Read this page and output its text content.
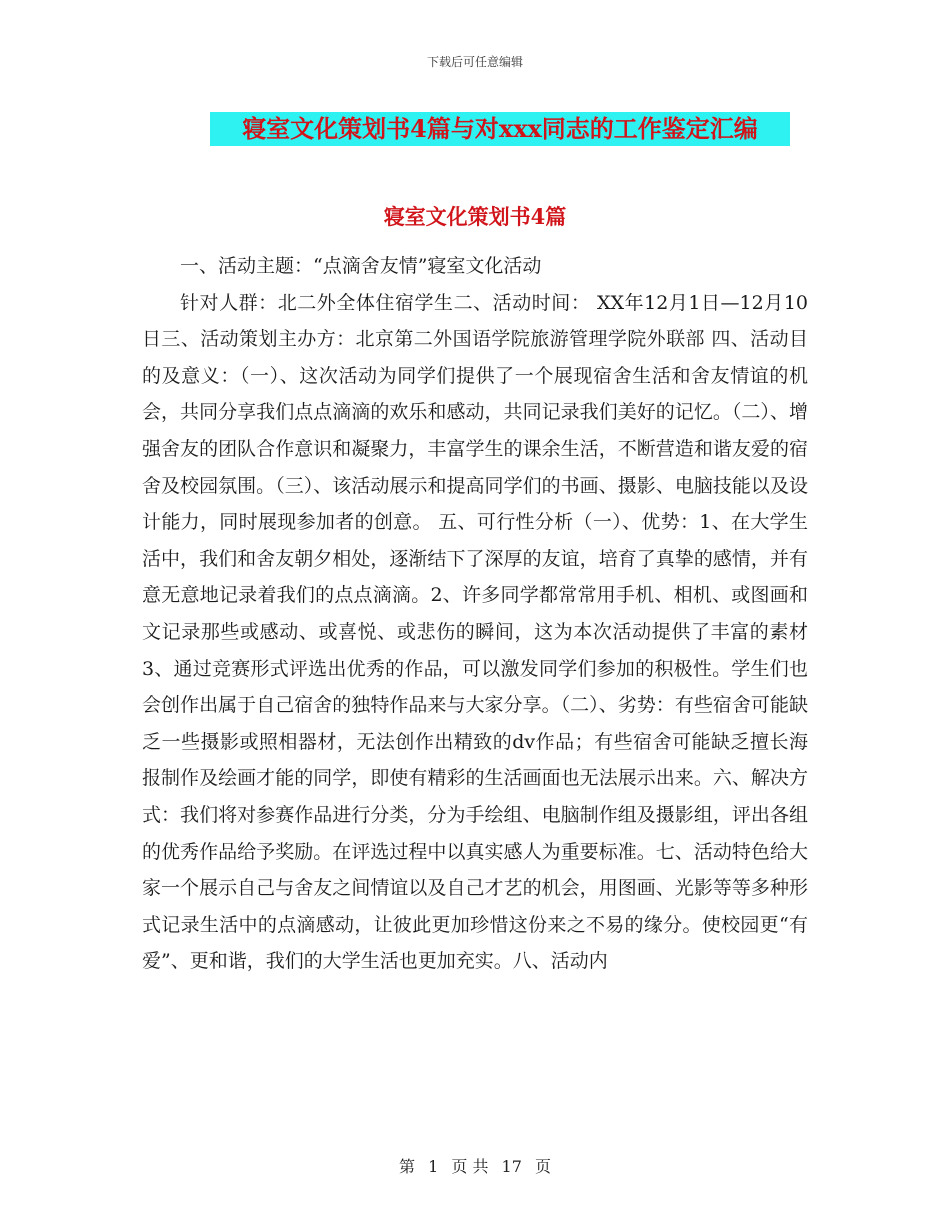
下载后可任意编辑
寝室文化策划书4篇与对xxx同志的工作鉴定汇编
寝室文化策划书4篇

一、活动主题：“点滴舍友情”寝室文化活动

针对人群：北二外全体住宿学生二、活动时间： XX年12月1日—12月10日三、活动策划主办方：北京第二外国语学院旅游管理学院外联部 四、活动目的及意义：（一）、这次活动为同学们提供了一个展现宿舍生活和舍友情谊的机会，共同分享我们点点滴滴的欢乐和感动，共同记录我们美好的记忆。（二）、增强舍友的团队合作意识和凝聚力，丰富学生的课余生活，不断营造和谐友爱的宿舍及校园氛围。（三）、该活动展示和提高同学们的书画、摄影、电脑技能以及设计能力，同时展现参加者的创意。 五、可行性分析（一）、优势：1、在大学生活中，我们和舍友朝夕相处，逐渐结下了深厚的友谊，培育了真挚的感情，并有意无意地记录着我们的点点滴滴。2、许多同学都常常用手机、相机、或图画和文记录那些或感动、或喜悦、或悲伤的瞬间，这为本次活动提供了丰富的素材3、通过竞赛形式评选出优秀的作品，可以激发同学们参加的积极性。学生们也会创作出属于自己宿舍的独特作品来与大家分享。（二）、劣势：有些宿舍可能缺乏一些摄影或照相器材，无法创作出精致的dv作品；有些宿舍可能缺乏擅长海报制作及绘画才能的同学，即使有精彩的生活画面也无法展示出来。六、解决方式：我们将对参赛作品进行分类，分为手绘组、电脑制作组及摄影组，评出各组的优秀作品给予奖励。在评选过程中以真实感人为重要标准。七、活动特色给大家一个展示自己与舍友之间情谊以及自己才艺的机会，用图画、光影等等多种形式记录生活中的点滴感动，让彼此更加珍惜这份来之不易的缘分。使校园更“有爱”、更和谐，我们的大学生活也更加充实。八、活动内

第 1 页 共 17 页
